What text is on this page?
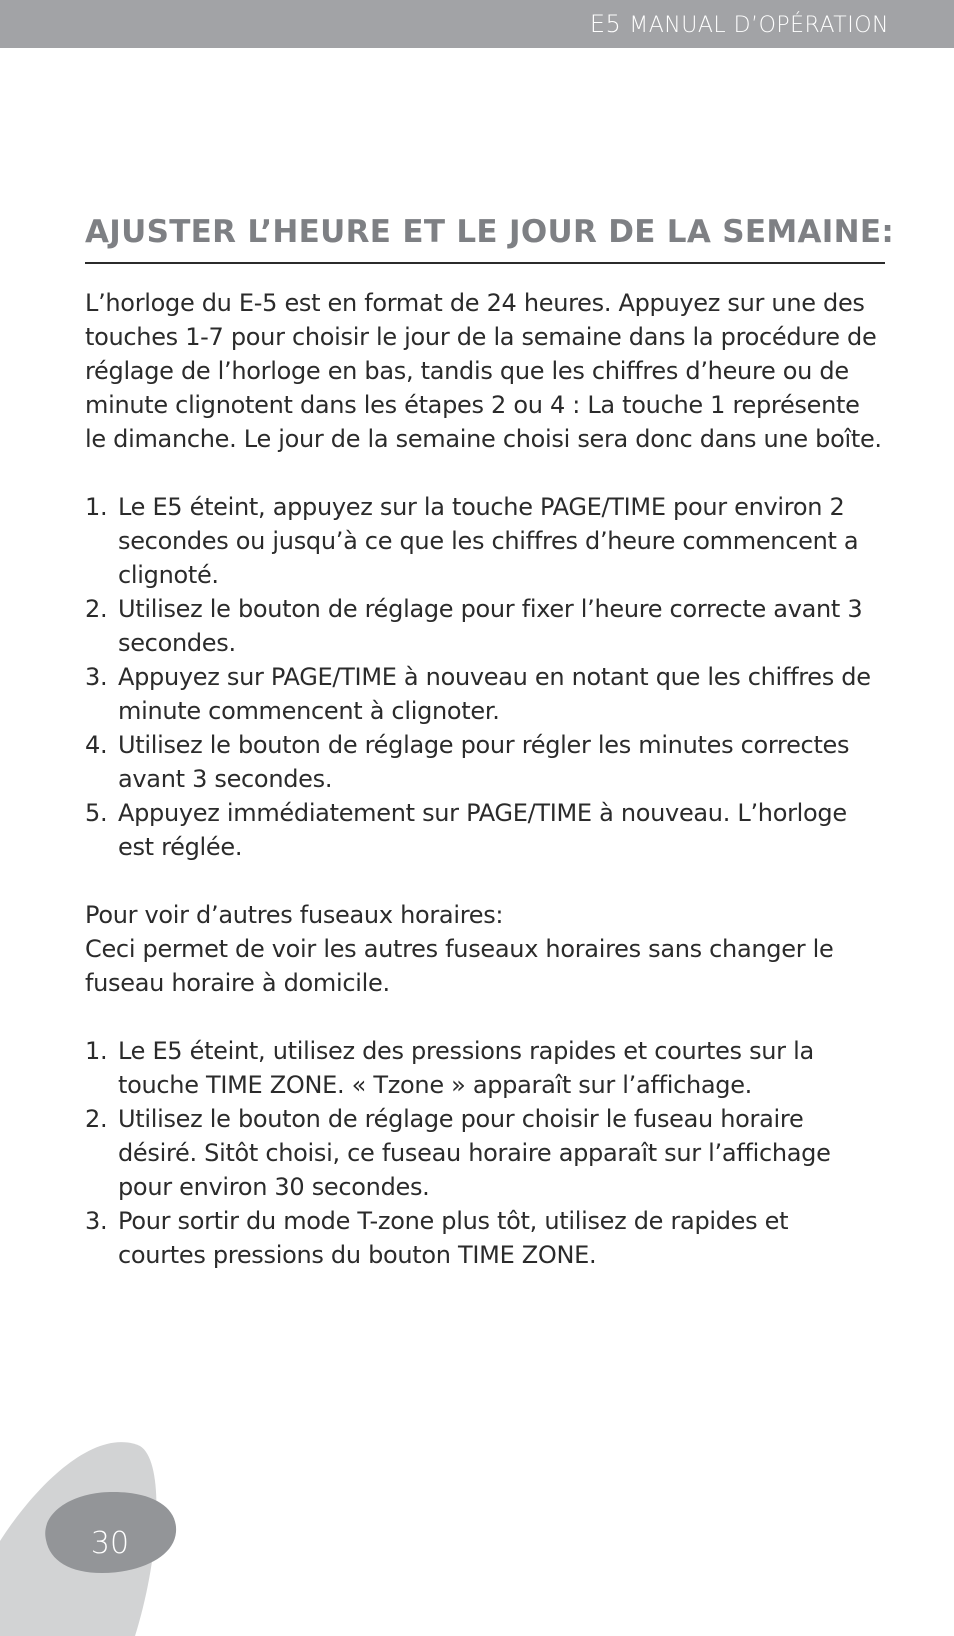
E5 MANUAL D’OPÉRATION
AJUSTER L’HEURE ET LE JOUR DE LA SEMAINE:

L’horloge du E-5 est en format de 24 heures. Appuyez sur une des touches 1-7 pour choisir le jour de la semaine dans la procédure de réglage de l’horloge en bas, tandis que les chiffres d’heure ou de minute clignotent dans les étapes 2 ou 4 : La touche 1 représente le dimanche. Le jour de la semaine choisi sera donc dans une boîte.

1. Le E5 éteint, appuyez sur la touche PAGE/TIME pour environ 2 secondes ou jusqu’à ce que les chiffres d’heure commencent a clignoté.
2. Utilisez le bouton de réglage pour fixer l’heure correcte avant 3 secondes.
3. Appuyez sur PAGE/TIME à nouveau en notant que les chiffres de minute commencent à clignoter.
4. Utilisez le bouton de réglage pour régler les minutes correctes avant 3 secondes.
5. Appuyez immédiatement sur PAGE/TIME à nouveau. L’horloge est réglée.

Pour voir d’autres fuseaux horaires:

Ceci permet de voir les autres fuseaux horaires sans changer le fuseau horaire à domicile.

1. Le E5 éteint, utilisez des pressions rapides et courtes sur la touche TIME ZONE. « Tzone » apparaît sur l’affichage.
2. Utilisez le bouton de réglage pour choisir le fuseau horaire désiré. Sitôt choisi, ce fuseau horaire apparaît sur l’affichage pour environ 30 secondes.
3. Pour sortir du mode T-zone plus tôt, utilisez de rapides et courtes pressions du bouton TIME ZONE.
30
